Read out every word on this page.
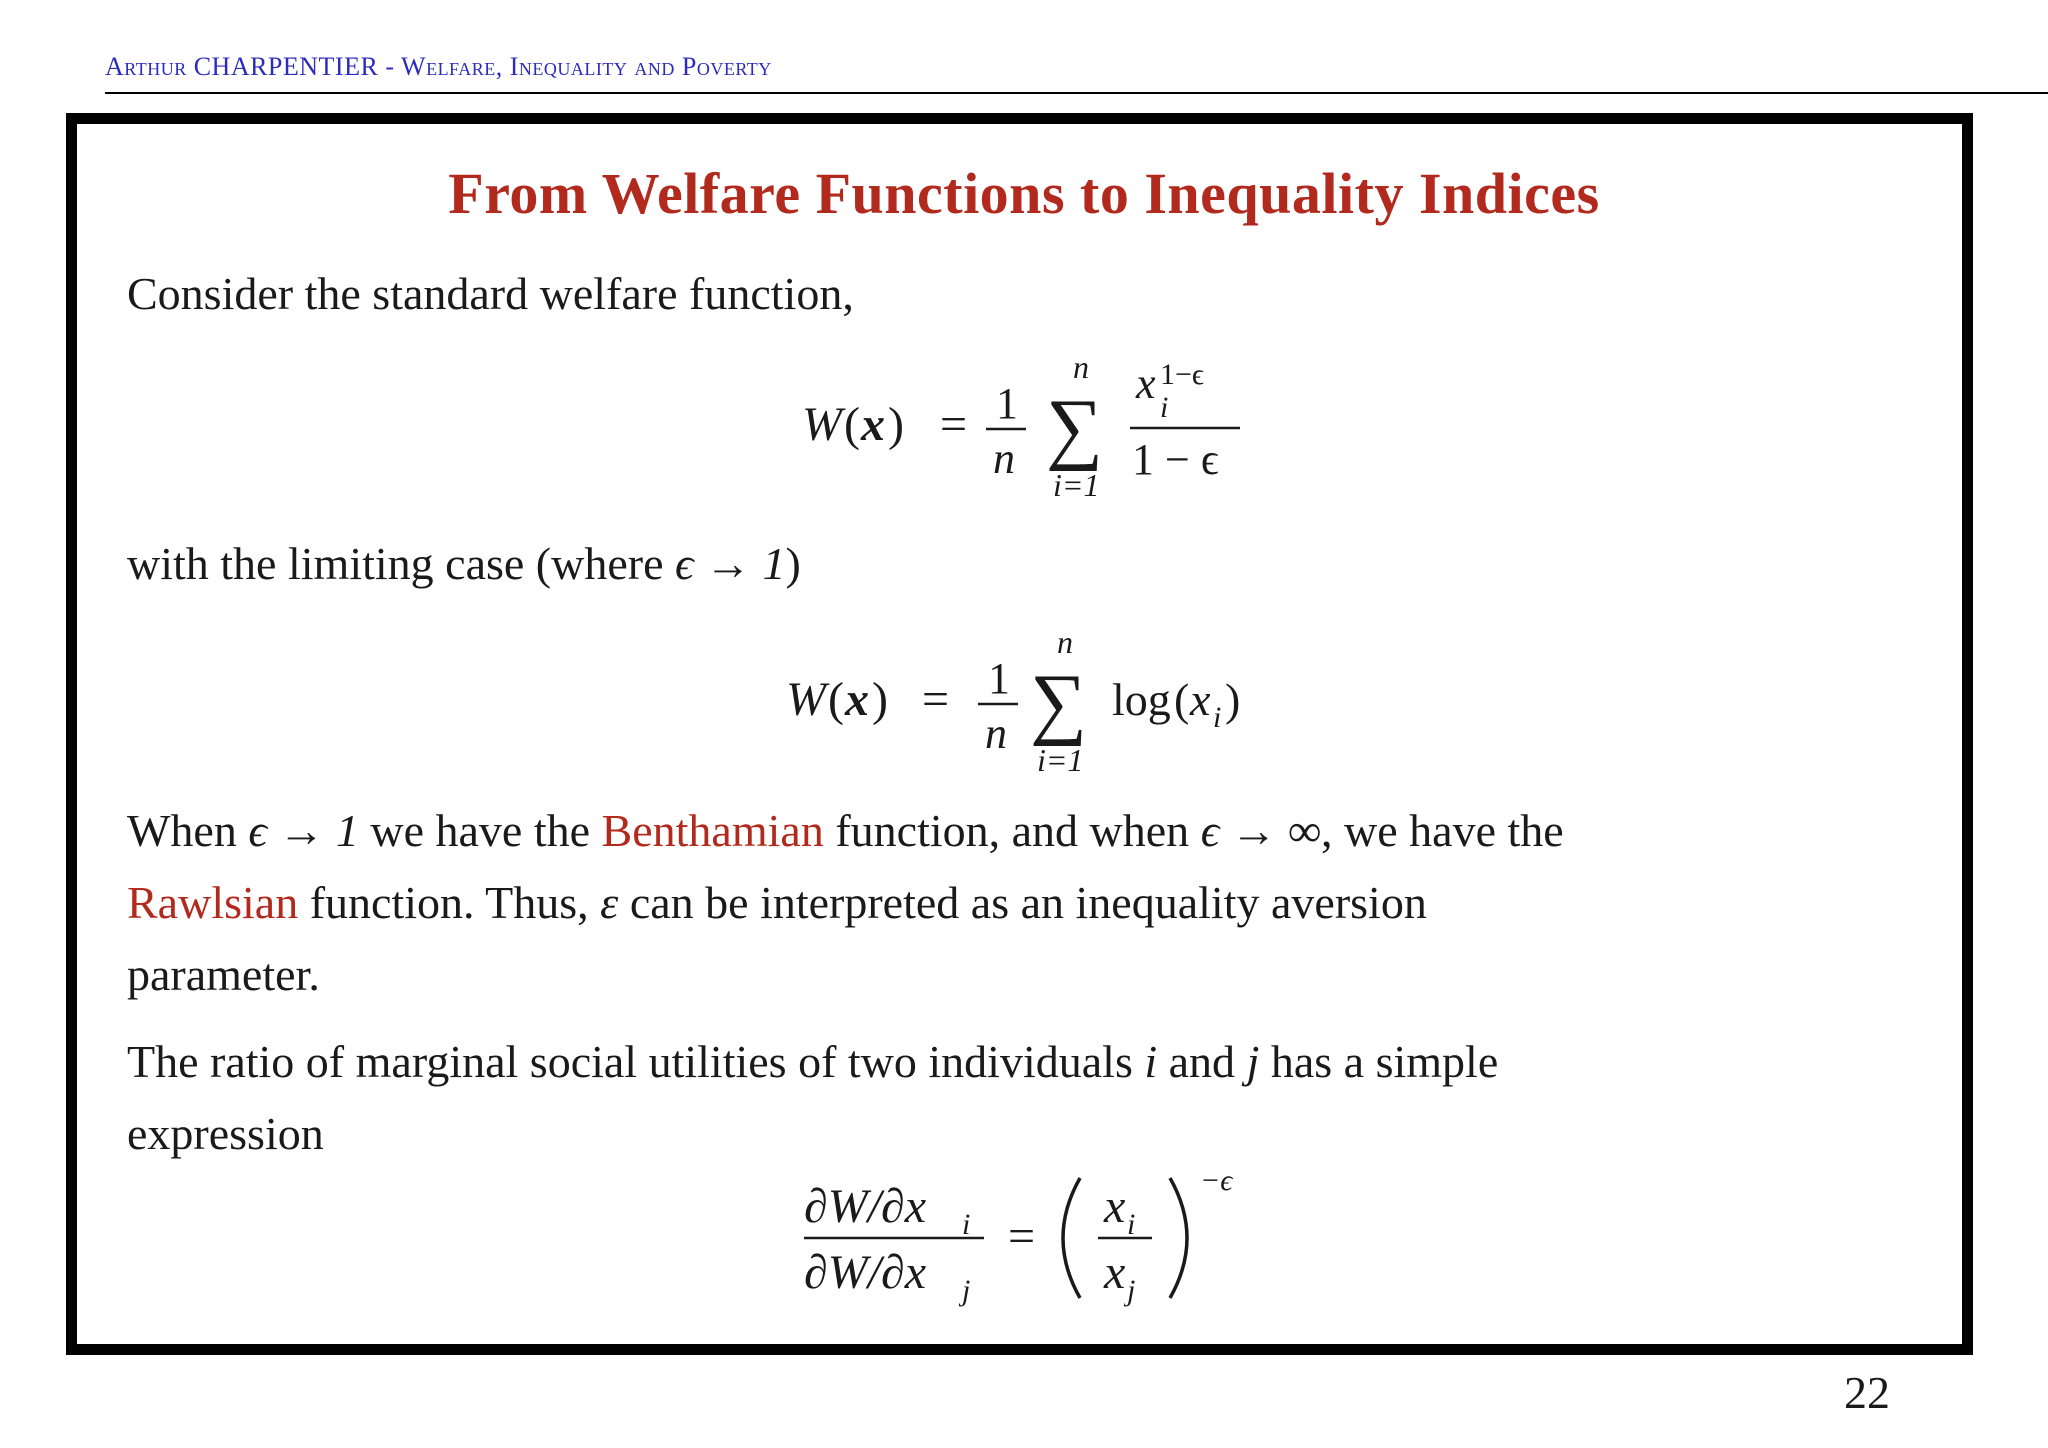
Arthur CHARPENTIER - Welfare, Inequality and Poverty
From Welfare Functions to Inequality Indices
Consider the standard welfare function,
W ( x ) = 1
n
n
∑
i=1
x 1−ϵ
i
1 − ϵ
with the limiting case (where ϵ → 1)
W ( x ) = 1
n
n
∑
i=1
log ( x i )
When ϵ → 1 we have the Benthamian function, and when ϵ → ∞, we have the
Rawlsian function. Thus, ε can be interpreted as an inequality aversion
parameter.
The ratio of marginal social utilities of two individuals i and j has a simple
expression
∂W/∂x i
∂W/∂x j
=
x i
x j
−ϵ
22
